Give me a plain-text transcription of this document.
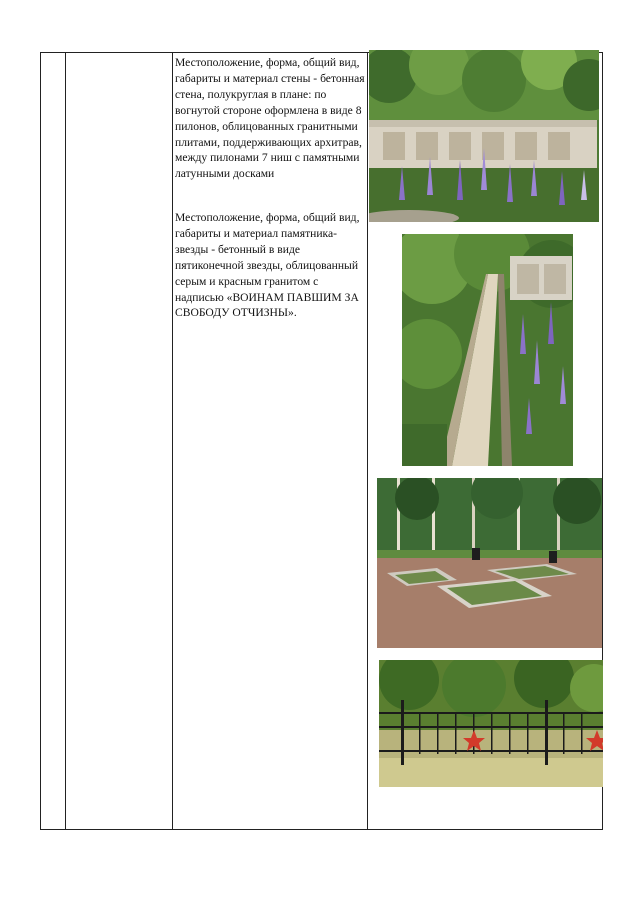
Местоположение, форма, общий вид, габариты и материал стены - бетонная стена, полукруглая в плане: по вогнутой стороне оформлена в виде 8 пилонов, облицованных гранитными плитами, поддерживающих архитрав, между пилонами 7 ниш с памятными латунными досками
Местоположение, форма, общий вид, габариты и материал памятника-звезды - бетонный в виде пятиконечной звезды, облицованный серым и красным гранитом с надписью «ВОИНАМ ПАВШИМ ЗА СВОБОДУ ОТЧИЗНЫ».
